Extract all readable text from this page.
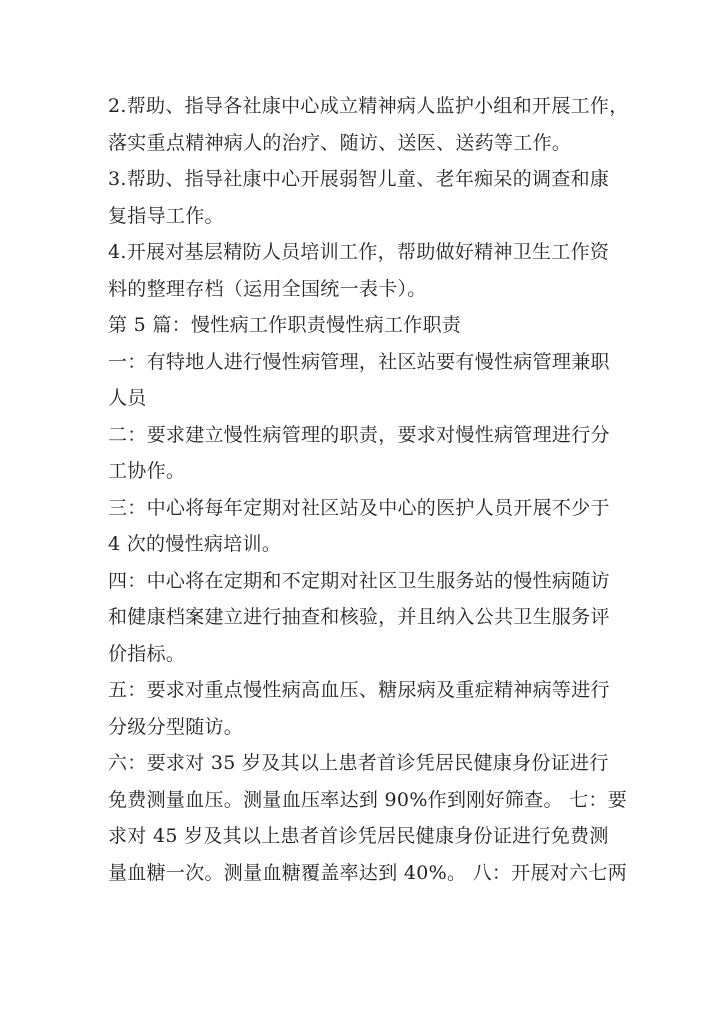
2.帮助、指导各社康中心成立精神病人监护小组和开展工作，
落实重点精神病人的治疗、随访、送医、送药等工作。
3.帮助、指导社康中心开展弱智儿童、老年痴呆的调查和康
复指导工作。
4.开展对基层精防人员培训工作，帮助做好精神卫生工作资
料的整理存档（运用全国统一表卡）。
第 5 篇：慢性病工作职责慢性病工作职责
一：有特地人进行慢性病管理，社区站要有慢性病管理兼职
人员
二：要求建立慢性病管理的职责，要求对慢性病管理进行分
工协作。
三：中心将每年定期对社区站及中心的医护人员开展不少于
4 次的慢性病培训。
四：中心将在定期和不定期对社区卫生服务站的慢性病随访
和健康档案建立进行抽查和核验，并且纳入公共卫生服务评
价指标。
五：要求对重点慢性病高血压、糖尿病及重症精神病等进行
分级分型随访。
六：要求对 35 岁及其以上患者首诊凭居民健康身份证进行
免费测量血压。测量血压率达到 90%作到刚好筛查。 七：要
求对 45 岁及其以上患者首诊凭居民健康身份证进行免费测
量血糖一次。测量血糖覆盖率达到 40%。 八：开展对六七两
